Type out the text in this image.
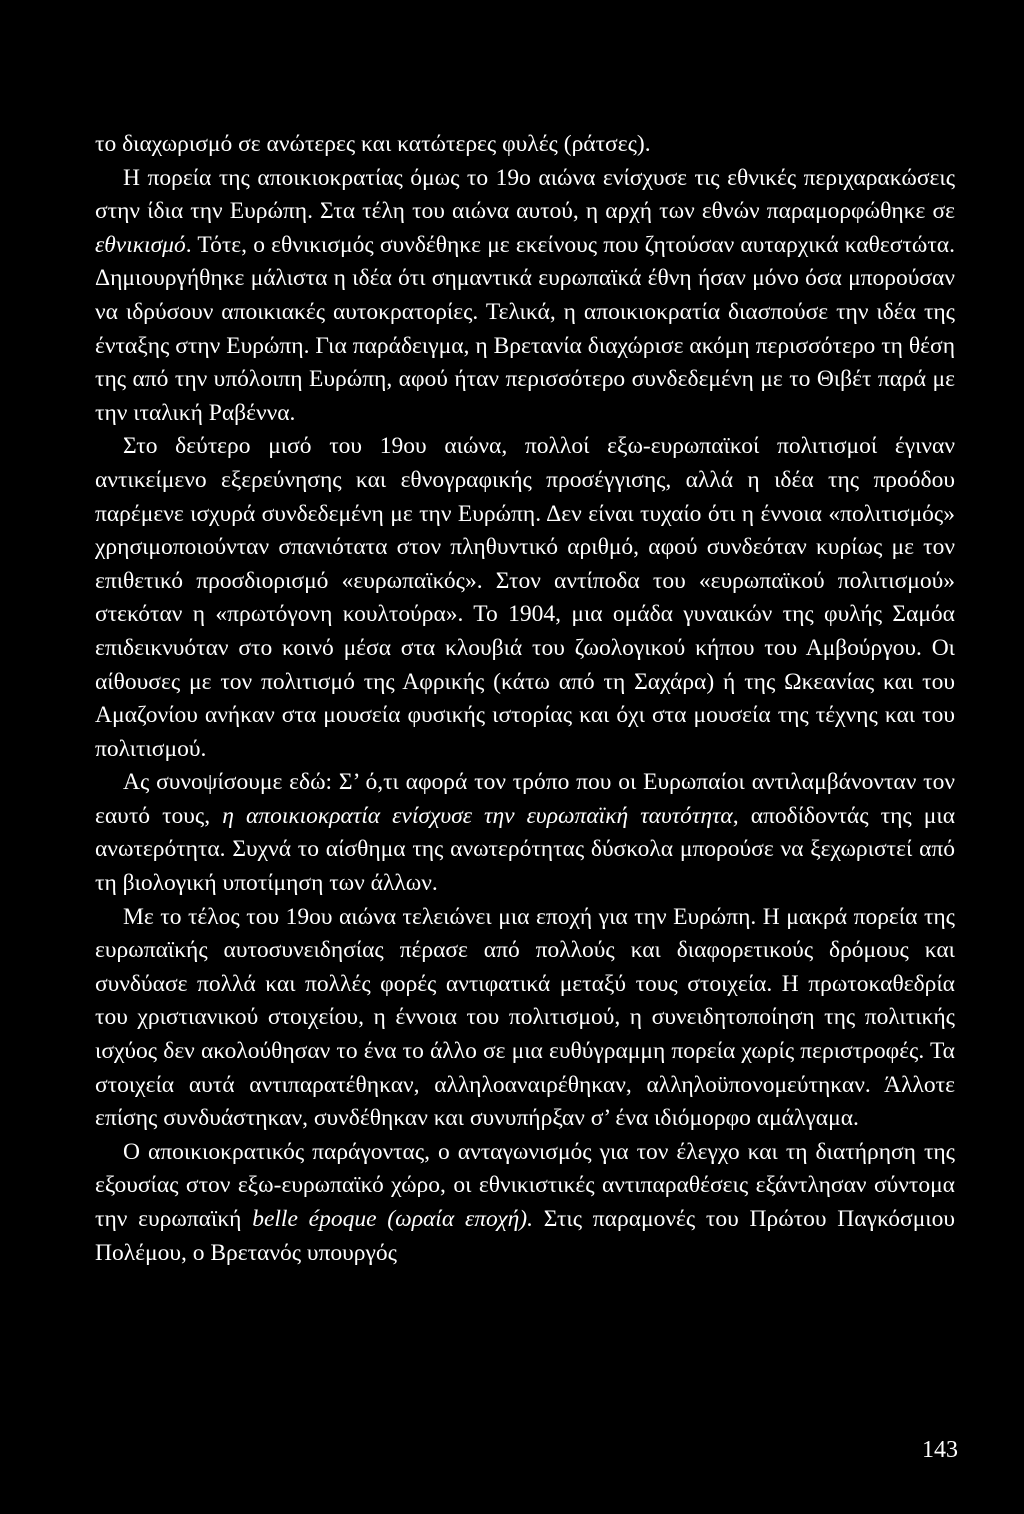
το διαχωρισμό σε ανώτερες και κατώτερες φυλές (ράτσες).

Η πορεία της αποικιοκρατίας όμως το 19ο αιώνα ενίσχυσε τις εθνικές περιχαρακώσεις στην ίδια την Ευρώπη. Στα τέλη του αιώνα αυτού, η αρχή των εθνών παραμορφώθηκε σε εθνικισμό. Τότε, ο εθνικισμός συνδέθηκε με εκείνους που ζητούσαν αυταρχικά καθεστώτα. Δημιουργήθηκε μάλιστα η ιδέα ότι σημαντικά ευρωπαϊκά έθνη ήσαν μόνο όσα μπορούσαν να ιδρύσουν αποικιακές αυτοκρατορίες. Τελικά, η αποικιοκρατία διασπούσε την ιδέα της ένταξης στην Ευρώπη. Για παράδειγμα, η Βρετανία διαχώρισε ακόμη περισσότερο τη θέση της από την υπόλοιπη Ευρώπη, αφού ήταν περισσότερο συνδεδεμένη με το Θιβέτ παρά με την ιταλική Ραβέννα.

Στο δεύτερο μισό του 19ου αιώνα, πολλοί εξω-ευρωπαϊκοί πολιτισμοί έγιναν αντικείμενο εξερεύνησης και εθνογραφικής προσέγγισης, αλλά η ιδέα της προόδου παρέμενε ισχυρά συνδεδεμένη με την Ευρώπη. Δεν είναι τυχαίο ότι η έννοια «πολιτισμός» χρησιμοποιούνταν σπανιότατα στον πληθυντικό αριθμό, αφού συνδεόταν κυρίως με τον επιθετικό προσδιορισμό «ευρωπαϊκός». Στον αντίποδα του «ευρωπαϊκού πολιτισμού» στεκόταν η «πρωτόγονη κουλτούρα». Το 1904, μια ομάδα γυναικών της φυλής Σαμόα επιδεικνυόταν στο κοινό μέσα στα κλουβιά του ζωολογικού κήπου του Αμβούργου. Οι αίθουσες με τον πολιτισμό της Αφρικής (κάτω από τη Σαχάρα) ή της Ωκεανίας και του Αμαζονίου ανήκαν στα μουσεία φυσικής ιστορίας και όχι στα μουσεία της τέχνης και του πολιτισμού.

Ας συνοψίσουμε εδώ: Σ’ ό,τι αφορά τον τρόπο που οι Ευρωπαίοι αντιλαμβάνονταν τον εαυτό τους, η αποικιοκρατία ενίσχυσε την ευρωπαϊκή ταυτότητα, αποδίδοντάς της μια ανωτερότητα. Συχνά το αίσθημα της ανωτερότητας δύσκολα μπορούσε να ξεχωριστεί από τη βιολογική υποτίμηση των άλλων.

Με το τέλος του 19ου αιώνα τελειώνει μια εποχή για την Ευρώπη. Η μακρά πορεία της ευρωπαϊκής αυτοσυνειδησίας πέρασε από πολλούς και διαφορετικούς δρόμους και συνδύασε πολλά και πολλές φορές αντιφατικά μεταξύ τους στοιχεία. Η πρωτοκαθεδρία του χριστιανικού στοιχείου, η έννοια του πολιτισμού, η συνειδητοποίηση της πολιτικής ισχύος δεν ακολούθησαν το ένα το άλλο σε μια ευθύγραμμη πορεία χωρίς περιστροφές. Τα στοιχεία αυτά αντιπαρατέθηκαν, αλληλοαναιρέθηκαν, αλληλοϋπονομεύτηκαν. Άλλοτε επίσης συνδυάστηκαν, συνδέθηκαν και συνυπήρξαν σ’ ένα ιδιόμορφο αμάλγαμα.

Ο αποικιοκρατικός παράγοντας, ο ανταγωνισμός για τον έλεγχο και τη διατήρηση της εξουσίας στον εξω-ευρωπαϊκό χώρο, οι εθνικιστικές αντιπαραθέσεις εξάντλησαν σύντομα την ευρωπαϊκή belle époque (ωραία εποχή). Στις παραμονές του Πρώτου Παγκόσμιου Πολέμου, ο Βρετανός υπουργός

143
